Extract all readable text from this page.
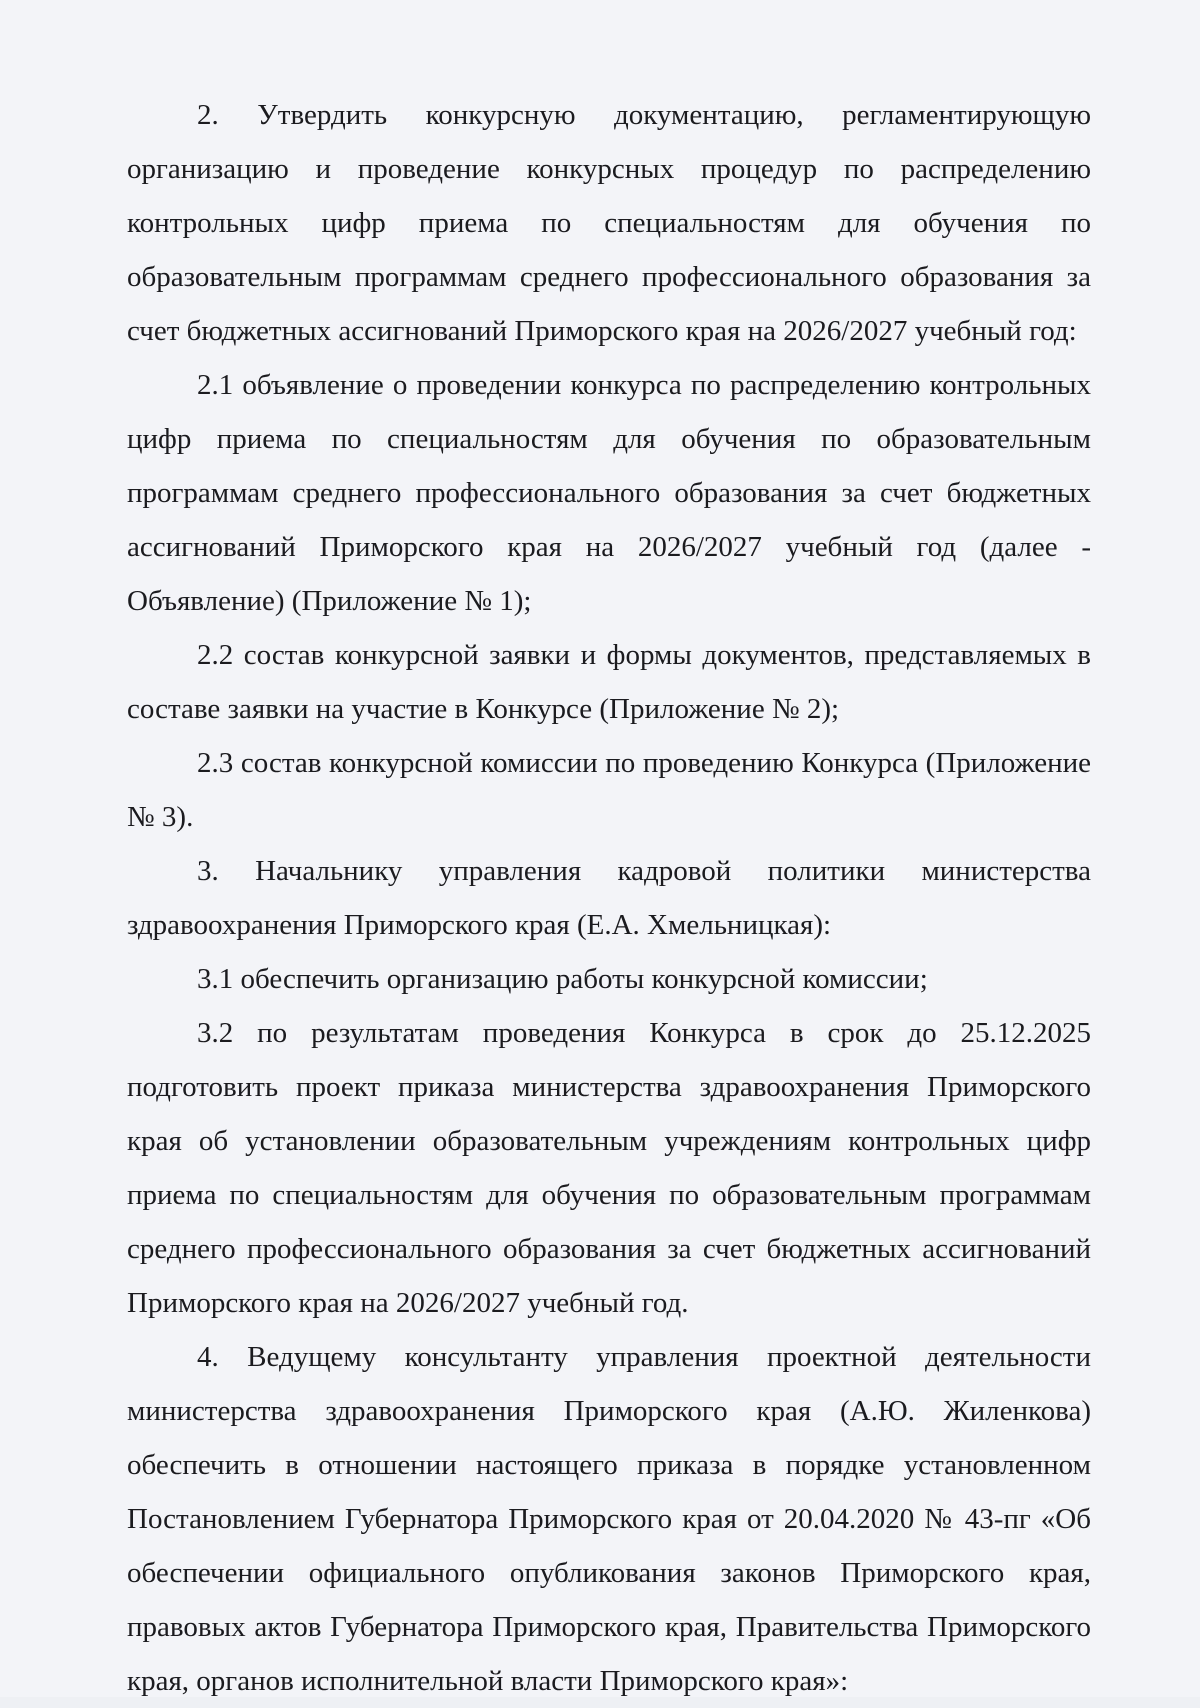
2. Утвердить конкурсную документацию, регламентирующую организацию и проведение конкурсных процедур по распределению контрольных цифр приема по специальностям для обучения по образовательным программам среднего профессионального образования за счет бюджетных ассигнований Приморского края на 2026/2027 учебный год:

2.1 объявление о проведении конкурса по распределению контрольных цифр приема по специальностям для обучения по образовательным программам среднего профессионального образования за счет бюджетных ассигнований Приморского края на 2026/2027 учебный год (далее - Объявление) (Приложение № 1);

2.2 состав конкурсной заявки и формы документов, представляемых в составе заявки на участие в Конкурсе (Приложение № 2);

2.3 состав конкурсной комиссии по проведению Конкурса (Приложение № 3).

3. Начальнику управления кадровой политики министерства здравоохранения Приморского края (Е.А. Хмельницкая):

3.1 обеспечить организацию работы конкурсной комиссии;

3.2 по результатам проведения Конкурса в срок до 25.12.2025 подготовить проект приказа министерства здравоохранения Приморского края об установлении образовательным учреждениям контрольных цифр приема по специальностям для обучения по образовательным программам среднего профессионального образования за счет бюджетных ассигнований Приморского края на 2026/2027 учебный год.

4. Ведущему консультанту управления проектной деятельности министерства здравоохранения Приморского края (А.Ю. Жиленкова) обеспечить в отношении настоящего приказа в порядке установленном Постановлением Губернатора Приморского края от 20.04.2020 № 43-пг «Об обеспечении официального опубликования законов Приморского края, правовых актов Губернатора Приморского края, Правительства Приморского края, органов исполнительной власти Приморского края»:
